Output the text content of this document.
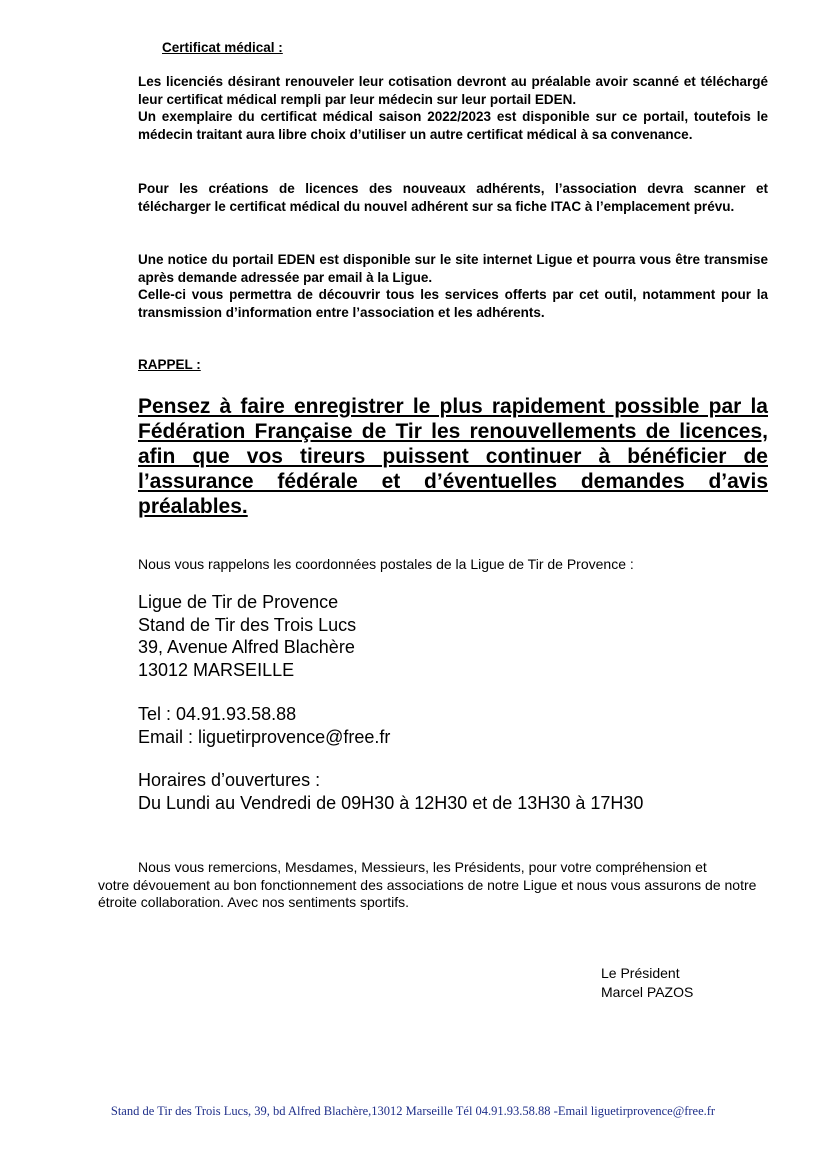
Certificat médical :

Les licenciés désirant renouveler leur cotisation devront au préalable avoir scanné et téléchargé leur certificat médical rempli par leur médecin sur leur portail EDEN.

Un exemplaire du certificat médical saison 2022/2023 est disponible sur ce portail, toutefois le médecin traitant aura libre choix d’utiliser un autre certificat médical à sa convenance.

Pour les créations de licences des nouveaux adhérents, l’association devra scanner et télécharger le certificat médical du nouvel adhérent sur sa fiche ITAC à l’emplacement prévu.

Une notice du portail EDEN est disponible sur le site internet Ligue et pourra vous être transmise après demande adressée par email à la Ligue.

Celle-ci vous permettra de découvrir tous les services offerts par cet outil, notamment pour la transmission d’information entre l’association et les adhérents.

RAPPEL :
Pensez à faire enregistrer le plus rapidement possible par la Fédération Française de Tir les renouvellements de licences, afin que vos tireurs puissent continuer à bénéficier de l’assurance fédérale et d’éventuelles demandes d’avis préalables.
Nous vous rappelons les coordonnées postales de la Ligue de Tir de Provence :
Ligue de Tir de Provence
Stand de Tir des Trois Lucs
39, Avenue Alfred Blachère
13012 MARSEILLE
Tel : 04.91.93.58.88
Email : liguetirprovence@free.fr
Horaires d’ouvertures :
Du Lundi au Vendredi de 09H30 à 12H30 et de 13H30 à 17H30
Nous vous remercions, Mesdames, Messieurs, les Présidents, pour votre compréhension et
votre dévouement au bon fonctionnement des associations de notre Ligue et nous vous assurons de notre étroite collaboration. Avec nos sentiments sportifs.
Le Président
Marcel PAZOS
Stand de Tir des Trois Lucs, 39, bd Alfred Blachère,13012 Marseille Tél 04.91.93.58.88 -Email liguetirprovence@free.fr
